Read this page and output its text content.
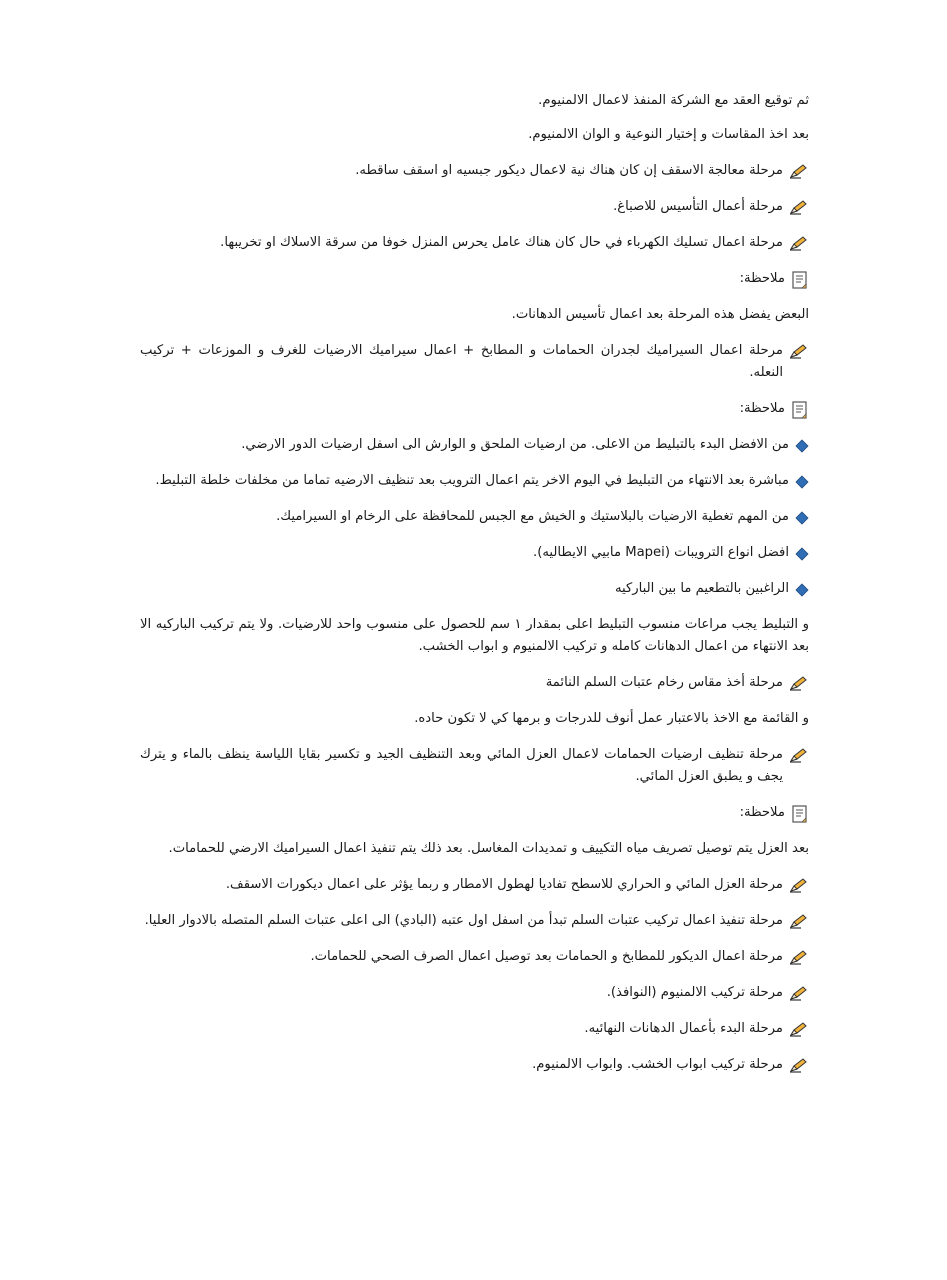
ثم توقيع العقد مع الشركة المنفذ لاعمال الالمنيوم.
بعد اخذ المقاسات و إختيار النوعية و الوان الالمنيوم.
مرحلة معالجة الاسقف إن كان هناك نية لاعمال ديكور جبسيه او اسقف ساقطه.
مرحلة أعمال التأسيس للاصباغ.
مرحلة اعمال تسليك الكهرباء في حال كان هناك عامل يحرس المنزل خوفا من سرقة الاسلاك او تخريبها.
ملاحظة:
البعض يفضل هذه المرحلة بعد اعمال تأسيس الدهانات.
مرحلة اعمال السيراميك لجدران الحمامات و المطابخ + اعمال سيراميك الارضيات للغرف و الموزعات + تركيب النعله.
ملاحظة:
من الافضل البدء بالتبليط من الاعلى. من ارضيات الملحق و الوارش الى اسفل ارضيات الدور الارضي.
مباشرة بعد الانتهاء من التبليط في اليوم الاخر يتم اعمال الترويب بعد تنظيف الارضيه تماما من مخلفات خلطة التبليط.
من المهم تغطية الارضيات بالبلاستيك و الخيش مع الجبس للمحافظة على الرخام او السيراميك.
افضل انواع الترويبات (Mapei مابيي الايطاليه).
الراغبين بالتطعيم ما بين الباركيه
و التبليط يجب مراعات منسوب التبليط اعلى بمقدار ١ سم للحصول على منسوب واحد للارضيات. ولا يتم تركيب الباركيه الا بعد الانتهاء من اعمال الدهانات كامله و تركيب الالمنيوم و ابواب الخشب.
مرحلة أخذ مقاس رخام عتبات السلم النائمة
و القائمة مع الاخذ بالاعتبار عمل أنوف للدرجات و برمها كي لا تكون حاده.
مرحلة تنظيف ارضيات الحمامات لاعمال العزل المائي وبعد التنظيف الجيد و تكسير بقايا اللياسة ينظف بالماء و يترك يجف و يطبق العزل المائي.
ملاحظة:
بعد العزل يتم توصيل تصريف مياه التكييف و تمديدات المغاسل. بعد ذلك يتم تنفيذ اعمال السيراميك الارضي للحمامات.
مرحلة العزل المائي و الحراري للاسطح تفاديا لهطول الامطار و ربما يؤثر على اعمال ديكورات الاسقف.
مرحلة تنفيذ اعمال تركيب عتبات السلم تبدأ من اسفل اول عتبه (البادي) الى اعلى عتبات السلم المتصله بالادوار العليا.
مرحلة اعمال الديكور للمطابخ و الحمامات بعد توصيل اعمال الصرف الصحي للحمامات.
مرحلة تركيب الالمنيوم (النوافذ).
مرحلة البدء بأعمال الدهانات النهائيه.
مرحلة تركيب ابواب الخشب. وابواب الالمنيوم.
